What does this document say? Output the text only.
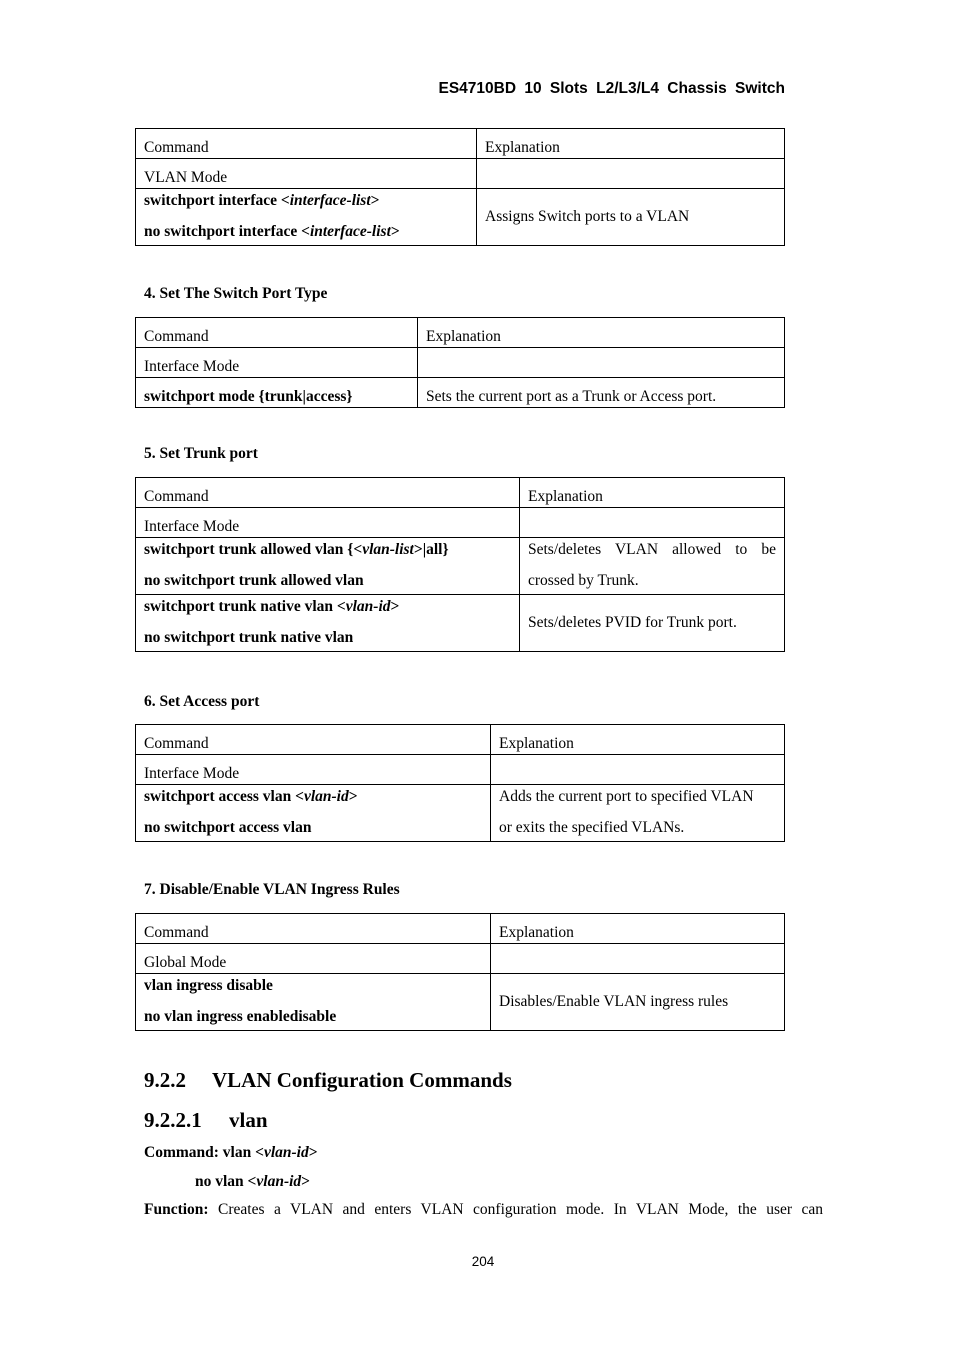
ES4710BD 10 Slots L2/L3/L4 Chassis Switch
Command	Explanation
VLAN Mode	

switchport interface <interface-list>
no switchport interface <interface-list>	Assigns Switch ports to a VLAN
4. Set The Switch Port Type
Command	Explanation
Interface Mode	
switchport mode {trunk|access}	Sets the current port as a Trunk or Access port.
5. Set Trunk port
Command	Explanation
Interface Mode	

switchport trunk allowed vlan {<vlan-list>|all}
no switchport trunk allowed vlan	Sets/deletes VLAN allowed to be
crossed by Trunk.

switchport trunk native vlan <vlan-id>
no switchport trunk native vlan	Sets/deletes PVID for Trunk port.
6. Set Access port
Command	Explanation
Interface Mode	

switchport access vlan <vlan-id>
no switchport access vlan	Adds the current port to specified VLAN
or exits the specified VLANs.
7. Disable/Enable VLAN Ingress Rules
Command	Explanation
Global Mode	

vlan ingress disable
no vlan ingress enabledisable	Disables/Enable VLAN ingress rules
9.2.2 VLAN Configuration Commands
9.2.2.1 vlan
Command: vlan <vlan-id>
no vlan <vlan-id>
Function: Creates a VLAN and enters VLAN configuration mode. In VLAN Mode, the user can
204
